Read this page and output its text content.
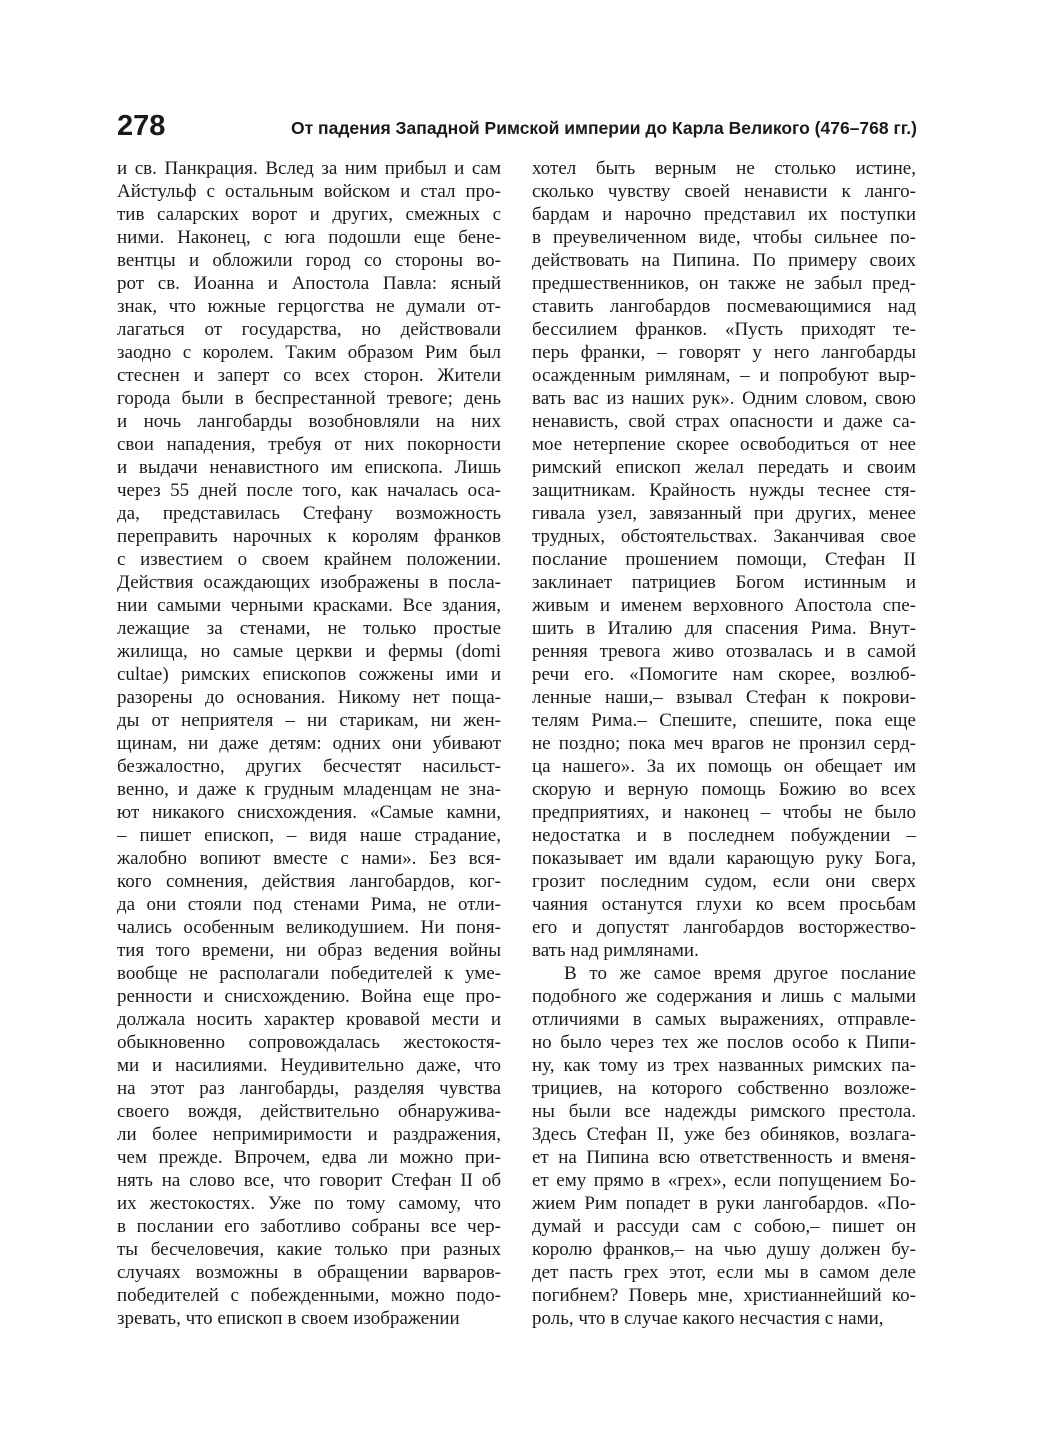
278	От падения Западной Римской империи до Карла Великого (476–768 гг.)
и св. Панкрация. Вслед за ним прибыл и сам
Айстульф с остальным войском и стал про-
тив саларских ворот и других, смежных с
ними. Наконец, с юга подошли еще бене-
вентцы и обложили город со стороны во-
рот св. Иоанна и Апостола Павла: ясный
знак, что южные герцогства не думали от-
лагаться от государства, но действовали
заодно с королем. Таким образом Рим был
стеснен и заперт со всех сторон. Жители
города были в беспрестанной тревоге; день
и ночь лангобарды возобновляли на них
свои нападения, требуя от них покорности
и выдачи ненавистного им епископа. Лишь
через 55 дней после того, как началась оса-
да, представилась Стефану возможность
переправить нарочных к королям франков
с известием о своем крайнем положении.
Действия осаждающих изображены в посла-
нии самыми черными красками. Все здания,
лежащие за стенами, не только простые
жилища, но самые церкви и фермы (domi
cultae) римских епископов сожжены ими и
разорены до основания. Никому нет поща-
ды от неприятеля – ни старикам, ни жен-
щинам, ни даже детям: одних они убивают
безжалостно, других бесчестят насильст-
венно, и даже к грудным младенцам не зна-
ют никакого снисхождения. «Самые камни,
– пишет епископ, – видя наше страдание,
жалобно вопиют вместе с нами». Без вся-
кого сомнения, действия лангобардов, ког-
да они стояли под стенами Рима, не отли-
чались особенным великодушием. Ни поня-
тия того времени, ни образ ведения войны
вообще не располагали победителей к уме-
ренности и снисхождению. Война еще про-
должала носить характер кровавой мести и
обыкновенно сопровождалась жестокостя-
ми и насилиями. Неудивительно даже, что
на этот раз лангобарды, разделяя чувства
своего вождя, действительно обнаружива-
ли более непримиримости и раздражения,
чем прежде. Впрочем, едва ли можно при-
нять на слово все, что говорит Стефан II об
их жестокостях. Уже по тому самому, что
в послании его заботливо собраны все чер-
ты бесчеловечия, какие только при разных
случаях возможны в обращении варваров-
победителей с побежденными, можно подо-
зревать, что епископ в своем изображении
хотел быть верным не столько истине,
сколько чувству своей ненависти к ланго-
бардам и нарочно представил их поступки
в преувеличенном виде, чтобы сильнее по-
действовать на Пипина. По примеру своих
предшественников, он также не забыл пред-
ставить лангобардов посмевающимися над
бессилием франков. «Пусть приходят те-
перь франки, – говорят у него лангобарды
осажденным римлянам, – и попробуют выр-
вать вас из наших рук». Одним словом, свою
ненависть, свой страх опасности и даже са-
мое нетерпение скорее освободиться от нее
римский епископ желал передать и своим
защитникам. Крайность нужды теснее стя-
гивала узел, завязанный при других, менее
трудных, обстоятельствах. Заканчивая свое
послание прошением помощи, Стефан II
заклинает патрициев Богом истинным и
живым и именем верховного Апостола спе-
шить в Италию для спасения Рима. Внут-
ренняя тревога живо отозвалась и в самой
речи его. «Помогите нам скорее, возлюб-
ленные наши,– взывал Стефан к покрови-
телям Рима.– Спешите, спешите, пока еще
не поздно; пока меч врагов не пронзил серд-
ца нашего». За их помощь он обещает им
скорую и верную помощь Божию во всех
предприятиях, и наконец – чтобы не было
недостатка и в последнем побуждении –
показывает им вдали карающую руку Бога,
грозит последним судом, если они сверх
чаяния останутся глухи ко всем просьбам
его и допустят лангобардов восторжество-
вать над римлянами.
В то же самое время другое послание
подобного же содержания и лишь с малыми
отличиями в самых выражениях, отправле-
но было через тех же послов особо к Пипи-
ну, как тому из трех названных римских па-
трициев, на которого собственно возложе-
ны были все надежды римского престола.
Здесь Стефан II, уже без обиняков, возлага-
ет на Пипина всю ответственность и вменя-
ет ему прямо в «грех», если попущением Бо-
жием Рим попадет в руки лангобардов. «По-
думай и рассуди сам с собою,– пишет он
королю франков,– на чью душу должен бу-
дет пасть грех этот, если мы в самом деле
погибнем? Поверь мне, христианнейший ко-
роль, что в случае какого несчастия с нами,
